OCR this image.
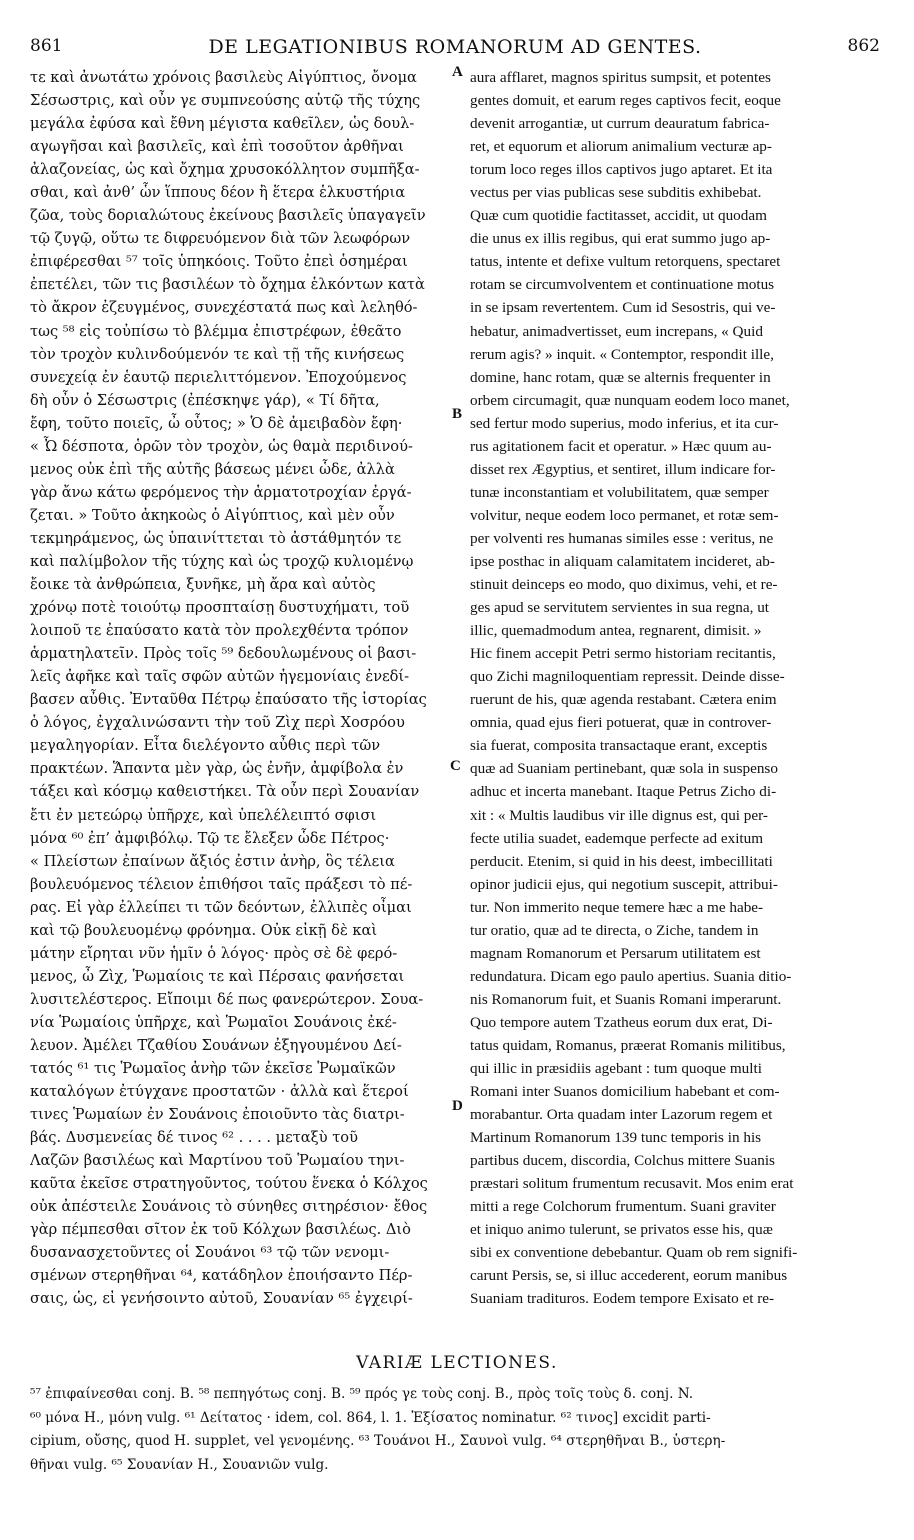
861	DE LEGATIONIBUS ROMANORUM AD GENTES.	862
τε καὶ ἀνωτάτω χρόνοις βασιλεὺς Αἰγύπτιος, ὄνομα
Σέσωστρις, καὶ οὖν γε συμπνεούσης αὐτῷ τῆς τύχης
μεγάλα ἐφύσα καὶ ἔθνη μέγιστα καθεῖλεν, ὡς δουλ-
αγωγῆσαι καὶ βασιλεῖς, καὶ ἐπὶ τοσοῦτον ἀρθῆναι
ἀλαζονείας, ὡς καὶ ὄχημα χρυσοκόλλητον συμπῆξα-
σθαι, καὶ ἀνθ’ ὧν ἵππους δέον ἢ ἕτερα ἑλκυστήρια
ζῶα, τοὺς δοριαλώτους ἐκείνους βασιλεῖς ὑπαγαγεῖν
τῷ ζυγῷ, οὕτω τε διφρευόμενον διὰ τῶν λεωφόρων
ἐπιφέρεσθαι ⁵⁷ τοῖς ὑπηκόοις. Τοῦτο ἐπεὶ ὁσημέραι
ἐπετέλει, τῶν τις βασιλέων τὸ ὄχημα ἑλκόντων κατὰ
τὸ ἄκρον ἐζευγμένος, συνεχέστατά πως καὶ λεληθό-
τως ⁵⁸ εἰς τοὐπίσω τὸ βλέμμα ἐπιστρέφων, ἐθεᾶτο
τὸν τροχὸν κυλινδούμενόν τε καὶ τῇ τῆς κινήσεως
συνεχείᾳ ἐν ἑαυτῷ περιελιττόμενον. Ἐποχούμενος
δὴ οὖν ὁ Σέσωστρις (ἐπέσκηψε γάρ), « Τί δῆτα,
ἔφη, τοῦτο ποιεῖς, ὦ οὗτος; » Ὁ δὲ ἀμειβαδὸν ἔφη·
« Ὦ δέσποτα, ὁρῶν τὸν τροχὸν, ὡς θαμὰ περιδινού-
μενος οὐκ ἐπὶ τῆς αὐτῆς βάσεως μένει ὧδε, ἀλλὰ
γὰρ ἄνω κάτω φερόμενος τὴν ἁρματοτροχίαν ἐργά-
ζεται. » Τοῦτο ἀκηκοὼς ὁ Αἰγύπτιος, καὶ μὲν οὖν
τεκμηράμενος, ὡς ὑπαινίττεται τὸ ἀστάθμητόν τε
καὶ παλίμβολον τῆς τύχης καὶ ὡς τροχῷ κυλιομένῳ
ἔοικε τὰ ἀνθρώπεια, ξυνῆκε, μὴ ἄρα καὶ αὐτὸς
χρόνῳ ποτὲ τοιούτῳ προσπταίσῃ δυστυχήματι, τοῦ
λοιποῦ τε ἐπαύσατο κατὰ τὸν προλεχθέντα τρόπον
ἁρματηλατεῖν. Πρὸς τοῖς ⁵⁹ δεδουλωμένους οἱ βασι-
λεῖς ἀφῆκε καὶ ταῖς σφῶν αὐτῶν ἡγεμονίαις ἐνεδί-
βασεν αὖθις. Ἐνταῦθα Πέτρῳ ἐπαύσατο τῆς ἱστορίας
ὁ λόγος, ἐγχαλινώσαντι τὴν τοῦ Ζὶχ περὶ Χοσρόου
μεγαληγορίαν. Εἶτα διελέγοντο αὖθις περὶ τῶν
πρακτέων. Ἅπαντα μὲν γὰρ, ὡς ἐνῆν, ἀμφίβολα ἐν
τάξει καὶ κόσμῳ καθειστήκει. Τὰ οὖν περὶ Σουανίαν
ἔτι ἐν μετεώρῳ ὑπῆρχε, καὶ ὑπελέλειπτό σφισι
μόνα ⁶⁰ ἐπ’ ἀμφιβόλῳ. Τῷ τε ἔλεξεν ὧδε Πέτρος·
« Πλείστων ἐπαίνων ἄξιός ἐστιν ἀνὴρ, ὃς τέλεια
βουλευόμενος τέλειον ἐπιθήσοι ταῖς πράξεσι τὸ πέ-
ρας. Εἰ γὰρ ἐλλείπει τι τῶν δεόντων, ἐλλιπὲς οἶμαι
καὶ τῷ βουλευομένῳ φρόνημα. Οὐκ εἰκῇ δὲ καὶ
μάτην εἴρηται νῦν ἡμῖν ὁ λόγος· πρὸς σὲ δὲ φερό-
μενος, ὦ Ζὶχ, Ῥωμαίοις τε καὶ Πέρσαις φανήσεται
λυσιτελέστερος. Εἴποιμι δέ πως φανερώτερον. Σουα-
νία Ῥωμαίοις ὑπῆρχε, καὶ Ῥωμαῖοι Σουάνοις ἐκέ-
λευον. Ἀμέλει Τζαθίου Σουάνων ἐξηγουμένου Δεί-
τατός ⁶¹ τις Ῥωμαῖος ἀνὴρ τῶν ἐκεῖσε Ῥωμαϊκῶν
καταλόγων ἐτύγχανε προστατῶν · ἀλλὰ καὶ ἕτεροί
τινες Ῥωμαίων ἐν Σουάνοις ἐποιοῦντο τὰς διατρι-
βάς. Δυσμενείας δέ τινος ⁶² . . . . μεταξὺ τοῦ
Λαζῶν βασιλέως καὶ Μαρτίνου τοῦ Ῥωμαίου τηνι-
καῦτα ἐκεῖσε στρατηγοῦντος, τούτου ἕνεκα ὁ Κόλχος
οὐκ ἀπέστειλε Σουάνοις τὸ σύνηθες σιτηρέσιον· ἔθος
γὰρ πέμπεσθαι σῖτον ἐκ τοῦ Κόλχων βασιλέως. Διὸ
δυσανασχετοῦντες οἱ Σουάνοι ⁶³ τῷ τῶν νενομι-
σμένων στερηθῆναι ⁶⁴, κατάδηλον ἐποιήσαντο Πέρ-
σαις, ὡς, εἰ γενήσοιντο αὐτοῦ, Σουανίαν ⁶⁵ ἐγχειρί-
aura afflaret, magnos spiritus sumpsit, et potentes
gentes domuit, et earum reges captivos fecit, eoque
devenit arrogantiæ, ut currum deauratum fabrica-
ret, et equorum et aliorum animalium vecturæ ap-
torum loco reges illos captivos jugo aptaret. Et ita
vectus per vias publicas sese subditis exhibebat.
Quæ cum quotidie factitasset, accidit, ut quodam
die unus ex illis regibus, qui erat summo jugo ap-
tatus, intente et defixe vultum retorquens, spectaret
rotam se circumvolventem et continuatione motus
in se ipsam revertentem. Cum id Sesostris, qui ve-
hebatur, animadvertisset, eum increpans, « Quid
rerum agis? » inquit. « Contemptor, respondit ille,
domine, hanc rotam, quæ se alternis frequenter in
orbem circumagit, quæ nunquam eodem loco manet,
sed fertur modo superius, modo inferius, et ita cur-
rus agitationem facit et operatur. » Hæc quum au-
disset rex Ægyptius, et sentiret, illum indicare for-
tunæ inconstantiam et volubilitatem, quæ semper
volvitur, neque eodem loco permanet, et rotæ sem-
per volventi res humanas similes esse : veritus, ne
ipse posthac in aliquam calamitatem incideret, ab-
stinuit deinceps eo modo, quo diximus, vehi, et re-
ges apud se servitutem servientes in sua regna, ut
illic, quemadmodum antea, regnarent, dimisit. »
Hic finem accepit Petri sermo historiam recitantis,
quo Zichi magniloquentiam repressit. Deinde disse-
ruerunt de his, quæ agenda restabant. Cætera enim
omnia, quad ejus fieri potuerat, quæ in controver-
sia fuerat, composita transactaque erant, exceptis
quæ ad Suaniam pertinebant, quæ sola in suspenso
adhuc et incerta manebant. Itaque Petrus Zicho di-
xit : « Multis laudibus vir ille dignus est, qui per-
fecte utilia suadet, eademque perfecte ad exitum
perducit. Etenim, si quid in his deest, imbecillitati
opinor judicii ejus, qui negotium suscepit, attribui-
tur. Non immerito neque temere hæc a me habe-
tur oratio, quæ ad te directa, o Ziche, tandem in
magnam Romanorum et Persarum utilitatem est
redundatura. Dicam ego paulo apertius. Suania ditio-
nis Romanorum fuit, et Suanis Romani imperarunt.
Quo tempore autem Tzatheus eorum dux erat, Di-
tatus quidam, Romanus, præerat Romanis militibus,
qui illic in præsidiis agebant : tum quoque multi
Romani inter Suanos domicilium habebant et com-
morabantur. Orta quadam inter Lazorum regem et
Martinum Romanorum 139 tunc temporis in his
partibus ducem, discordia, Colchus mittere Suanis
præstari solitum frumentum recusavit. Mos enim erat
mitti a rege Colchorum frumentum. Suani graviter
et iniquo animo tulerunt, se privatos esse his, quæ
sibi ex conventione debebantur. Quam ob rem signifi-
carunt Persis, se, si illuc accederent, eorum manibus
Suaniam tradituros. Eodem tempore Exisato et re-
A
B
C
D
VARIÆ LECTIONES.
⁵⁷ ἐπιφαίνεσθαι conj. B. ⁵⁸ πεπηγότως conj. B. ⁵⁹ πρός γε τοὺς conj. B., πρὸς τοῖς τοὺς δ. conj. N.
⁶⁰ μόνα H., μόνη vulg. ⁶¹ Δείτατος · idem, col. 864, l. 1. Ἐξίσατος nominatur. ⁶² τινος] excidit parti-
cipium, οὔσης, quod H. supplet, vel γενομένης. ⁶³ Τουάνοι H., Σαυνοὶ vulg. ⁶⁴ στερηθῆναι B., ὑστερη-
θῆναι vulg. ⁶⁵ Σουανίαν H., Σουανιῶν vulg.
